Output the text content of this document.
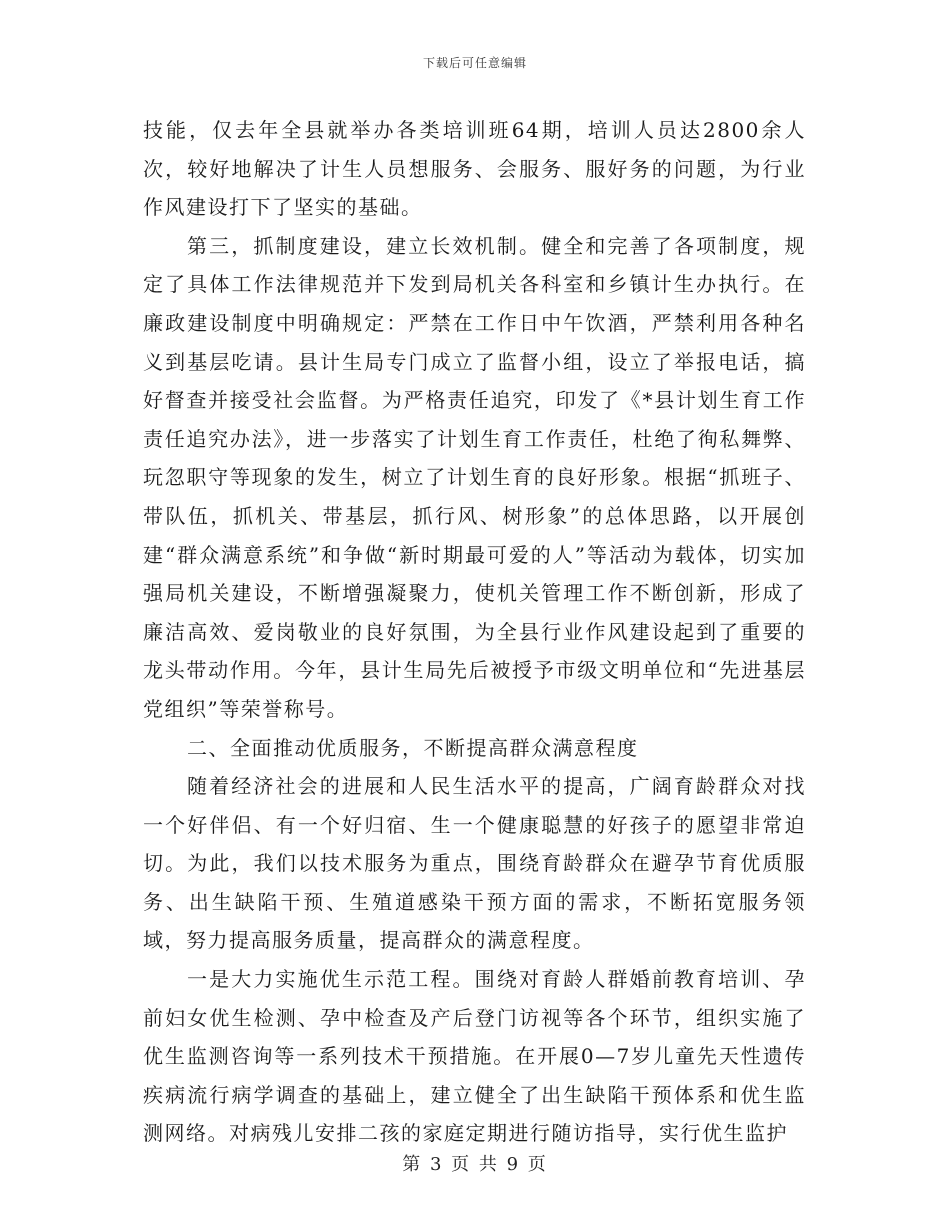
下载后可任意编辑

技能，仅去年全县就举办各类培训班64期，培训人员达2800余人次，较好地解决了计生人员想服务、会服务、服好务的问题，为行业作风建设打下了坚实的基础。

第三，抓制度建设，建立长效机制。健全和完善了各项制度，规定了具体工作法律规范并下发到局机关各科室和乡镇计生办执行。在廉政建设制度中明确规定：严禁在工作日中午饮酒，严禁利用各种名义到基层吃请。县计生局专门成立了监督小组，设立了举报电话，搞好督查并接受社会监督。为严格责任追究，印发了《*县计划生育工作责任追究办法》，进一步落实了计划生育工作责任，杜绝了徇私舞弊、玩忽职守等现象的发生，树立了计划生育的良好形象。根据“抓班子、带队伍，抓机关、带基层，抓行风、树形象”的总体思路，以开展创建“群众满意系统”和争做“新时期最可爱的人”等活动为载体，切实加强局机关建设，不断增强凝聚力，使机关管理工作不断创新，形成了廉洁高效、爱岗敬业的良好氛围，为全县行业作风建设起到了重要的龙头带动作用。今年，县计生局先后被授予市级文明单位和“先进基层党组织”等荣誉称号。

二、全面推动优质服务，不断提高群众满意程度

随着经济社会的进展和人民生活水平的提高，广阔育龄群众对找一个好伴侣、有一个好归宿、生一个健康聪慧的好孩子的愿望非常迫切。为此，我们以技术服务为重点，围绕育龄群众在避孕节育优质服务、出生缺陷干预、生殖道感染干预方面的需求，不断拓宽服务领域，努力提高服务质量，提高群众的满意程度。

一是大力实施优生示范工程。围绕对育龄人群婚前教育培训、孕前妇女优生检测、孕中检查及产后登门访视等各个环节，组织实施了优生监测咨询等一系列技术干预措施。在开展0—7岁儿童先天性遗传疾病流行病学调查的基础上，建立健全了出生缺陷干预体系和优生监测网络。对病残儿安排二孩的家庭定期进行随访指导，实行优生监护

第 3 页 共 9 页
